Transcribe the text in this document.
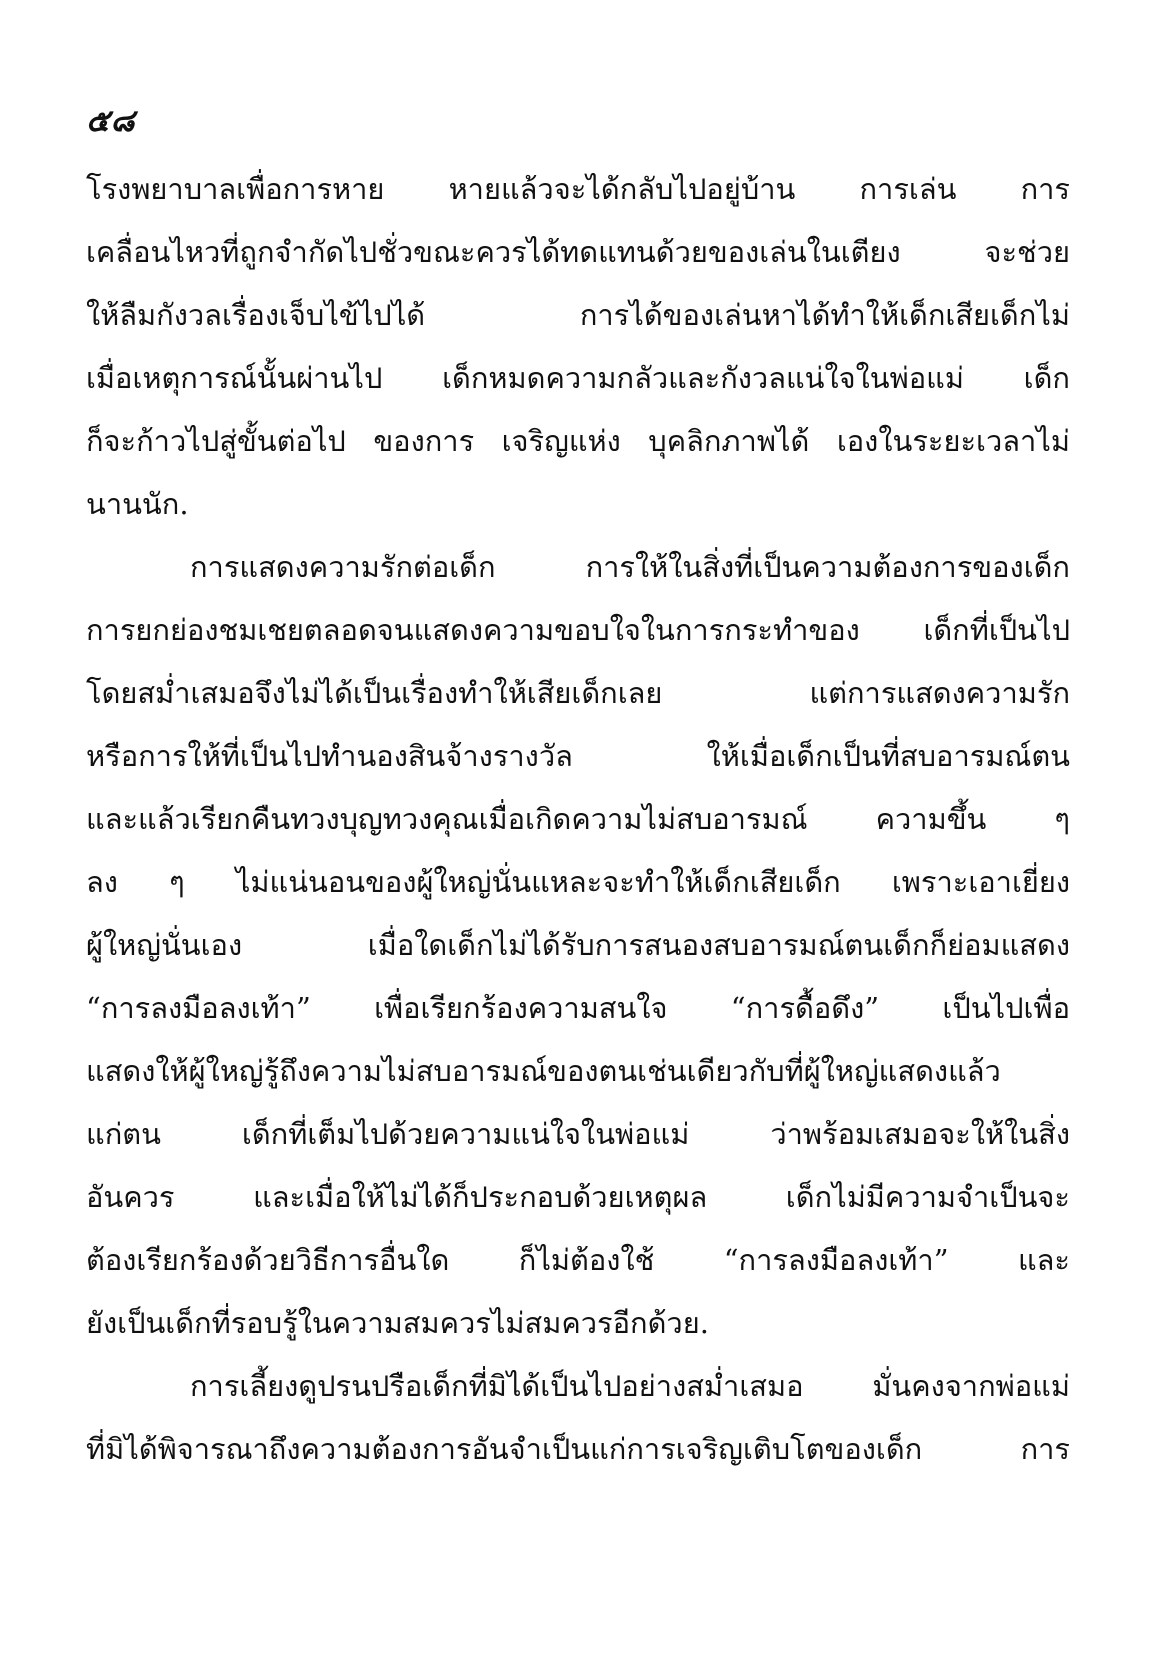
๕๘
โรงพยาบาลเพื่อการหาย หายแล้วจะได้กลับไปอยู่บ้าน การเล่น การ
เคลื่อนไหวที่ถูกจำกัดไปชั่วขณะควรได้ทดแทนด้วยของเล่นในเตียง จะช่วย
ให้ลืมกังวลเรื่องเจ็บไข้ไปได้ การได้ของเล่นหาได้ทำให้เด็กเสียเด็กไม่
เมื่อเหตุการณ์นั้นผ่านไป เด็กหมดความกลัวและกังวลแน่ใจในพ่อแม่ เด็ก
ก็จะก้าวไปสู่ขั้นต่อไป ของการ เจริญแห่ง บุคลิกภาพได้ เองในระยะเวลาไม่
นานนัก.
การแสดงความรักต่อเด็ก การให้ในสิ่งที่เป็นความต้องการของเด็ก
การยกย่องชมเชยตลอดจนแสดงความขอบใจในการกระทำของ เด็กที่เป็นไป
โดยสม่ำเสมอจึงไม่ได้เป็นเรื่องทำให้เสียเด็กเลย แต่การแสดงความรัก
หรือการให้ที่เป็นไปทำนองสินจ้างรางวัล ให้เมื่อเด็กเป็นที่สบอารมณ์ตน
และแล้วเรียกคืนทวงบุญทวงคุณเมื่อเกิดความไม่สบอารมณ์ ความขึ้น ๆ
ลง ๆ ไม่แน่นอนของผู้ใหญ่นั่นแหละจะทำให้เด็กเสียเด็ก เพราะเอาเยี่ยง
ผู้ใหญ่นั่นเอง เมื่อใดเด็กไม่ได้รับการสนองสบอารมณ์ตนเด็กก็ย่อมแสดง
“การลงมือลงเท้า” เพื่อเรียกร้องความสนใจ “การดื้อดึง” เป็นไปเพื่อ
แสดงให้ผู้ใหญ่รู้ถึงความไม่สบอารมณ์ของตนเช่นเดียวกับที่ผู้ใหญ่แสดงแล้ว
แก่ตน เด็กที่เต็มไปด้วยความแน่ใจในพ่อแม่ ว่าพร้อมเสมอจะให้ในสิ่ง
อันควร และเมื่อให้ไม่ได้ก็ประกอบด้วยเหตุผล เด็กไม่มีความจำเป็นจะ
ต้องเรียกร้องด้วยวิธีการอื่นใด ก็ไม่ต้องใช้ “การลงมือลงเท้า” และ
ยังเป็นเด็กที่รอบรู้ในความสมควรไม่สมควรอีกด้วย.
การเลี้ยงดูปรนปรือเด็กที่มิได้เป็นไปอย่างสม่ำเสมอ มั่นคงจากพ่อแม่
ที่มิได้พิจารณาถึงความต้องการอันจำเป็นแก่การเจริญเติบโตของเด็ก การ
